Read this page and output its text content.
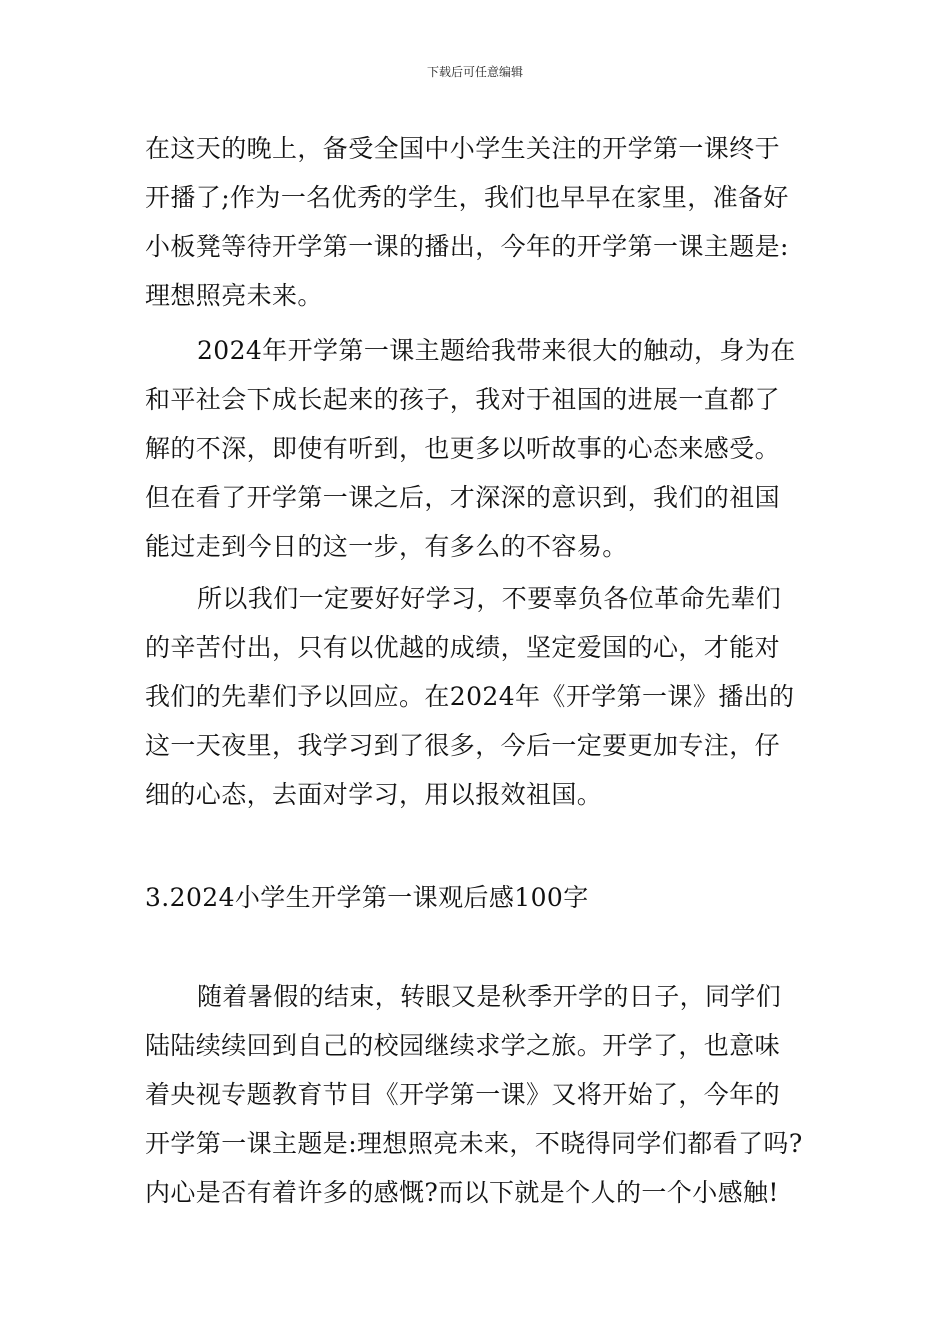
下载后可任意编辑

在这天的晚上，备受全国中小学生关注的开学第一课终于
开播了;作为一名优秀的学生，我们也早早在家里，准备好
小板凳等待开学第一课的播出，今年的开学第一课主题是:
理想照亮未来。

2024年开学第一课主题给我带来很大的触动，身为在
和平社会下成长起来的孩子，我对于祖国的进展一直都了
解的不深，即使有听到，也更多以听故事的心态来感受。
但在看了开学第一课之后，才深深的意识到，我们的祖国
能过走到今日的这一步，有多么的不容易。

所以我们一定要好好学习，不要辜负各位革命先辈们
的辛苦付出，只有以优越的成绩，坚定爱国的心，才能对
我们的先辈们予以回应。在2024年《开学第一课》播出的
这一天夜里，我学习到了很多，今后一定要更加专注，仔
细的心态，去面对学习，用以报效祖国。

3.2024小学生开学第一课观后感100字

随着暑假的结束，转眼又是秋季开学的日子，同学们
陆陆续续回到自己的校园继续求学之旅。开学了，也意味
着央视专题教育节目《开学第一课》又将开始了，今年的
开学第一课主题是:理想照亮未来，不晓得同学们都看了吗?
内心是否有着许多的感慨?而以下就是个人的一个小感触!
